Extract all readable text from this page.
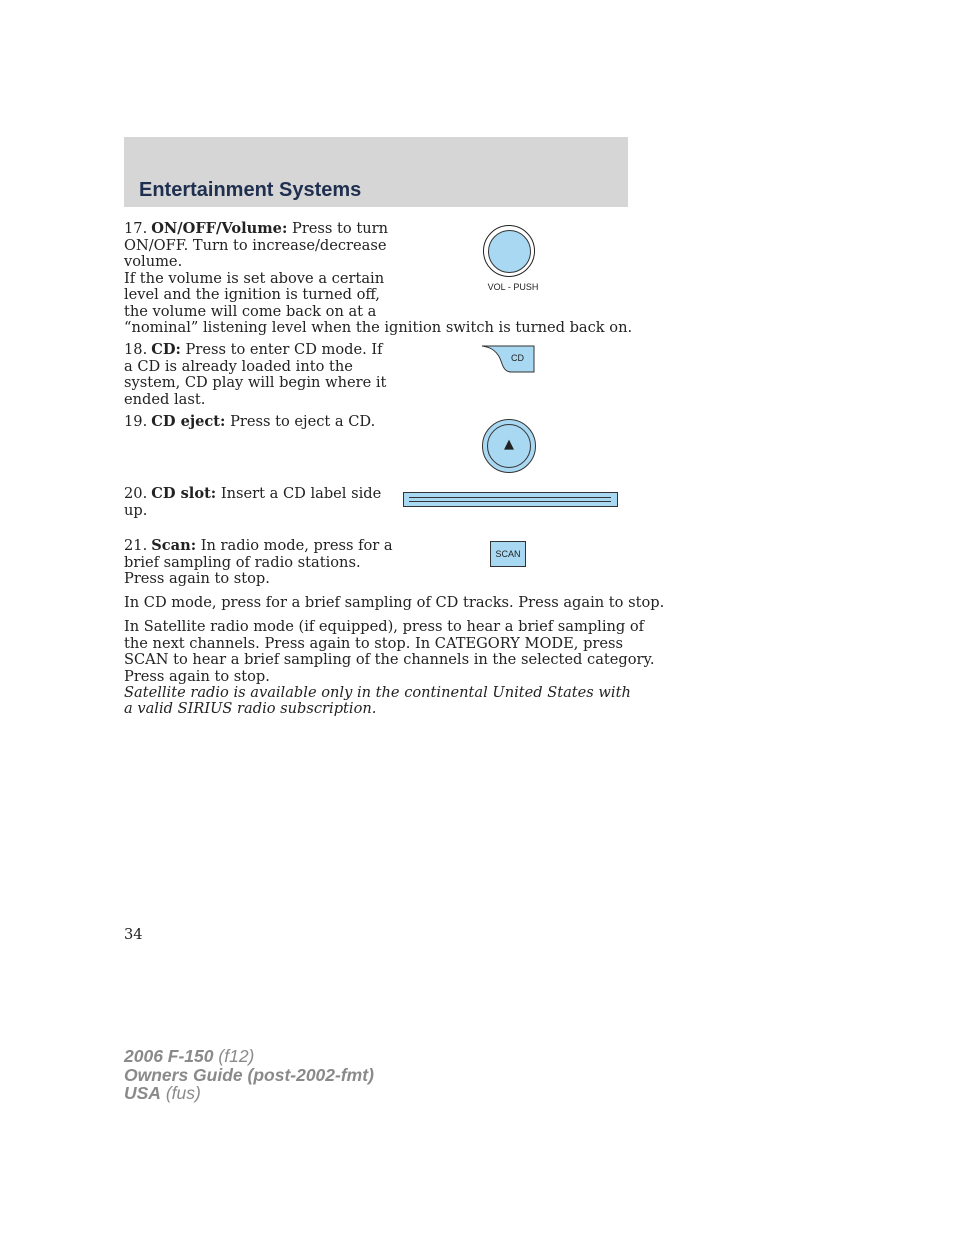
Entertainment Systems
17. ON/OFF/Volume: Press to turn
ON/OFF. Turn to increase/decrease
volume.
If the volume is set above a certain
level and the ignition is turned off,
the volume will come back on at a
“nominal” listening level when the ignition switch is turned back on.
VOL - PUSH
18. CD: Press to enter CD mode. If
a CD is already loaded into the
system, CD play will begin where it
ended last.
CD
19. CD eject: Press to eject a CD.
▲
20. CD slot: Insert a CD label side
up.
21. Scan: In radio mode, press for a
brief sampling of radio stations.
Press again to stop.
SCAN
In CD mode, press for a brief sampling of CD tracks. Press again to stop.
In Satellite radio mode (if equipped), press to hear a brief sampling of
the next channels. Press again to stop. In CATEGORY MODE, press
SCAN to hear a brief sampling of the channels in the selected category.
Press again to stop.
Satellite radio is available only in the continental United States with
a valid SIRIUS radio subscription.
34
2006 F-150 (f12)
Owners Guide (post-2002-fmt)
USA (fus)
